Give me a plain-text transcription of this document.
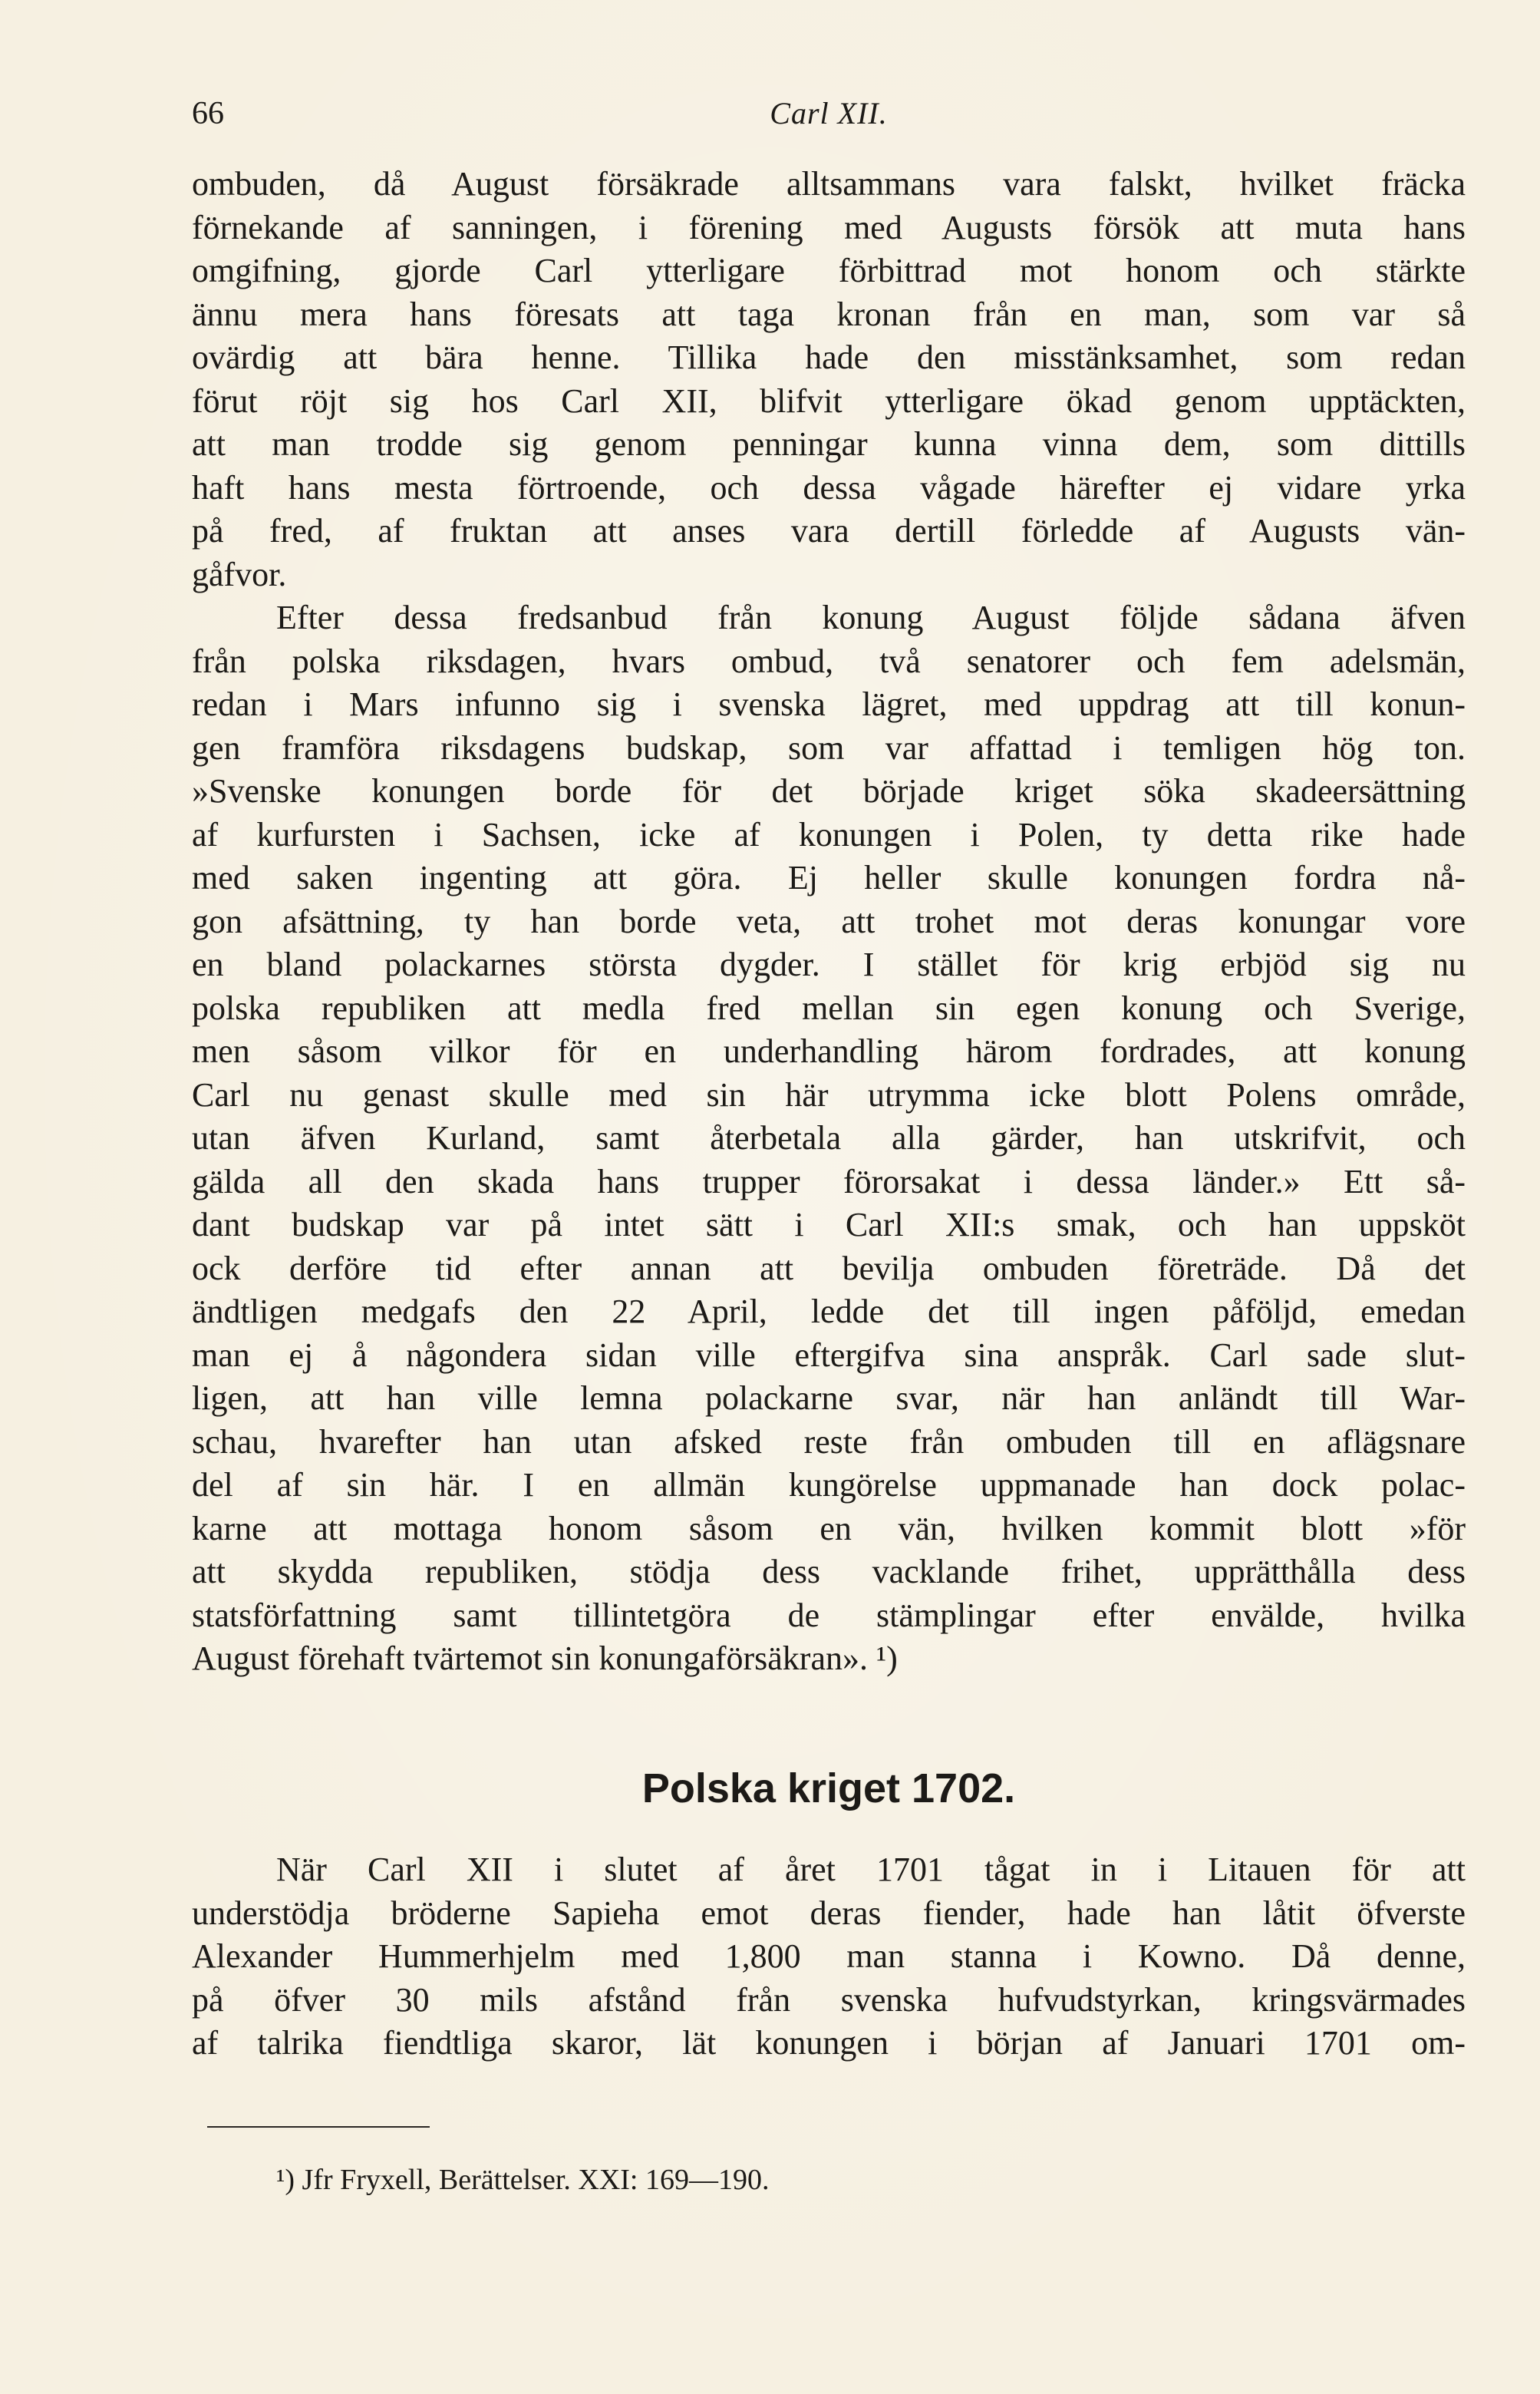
66	Carl XII.
ombuden, då August försäkrade alltsammans vara falskt, hvilket fräcka
förnekande af sanningen, i förening med Augusts försök att muta hans
omgifning, gjorde Carl ytterligare förbittrad mot honom och stärkte
ännu mera hans föresats att taga kronan från en man, som var så
ovärdig att bära henne. Tillika hade den misstänksamhet, som redan
förut röjt sig hos Carl XII, blifvit ytterligare ökad genom upptäckten,
att man trodde sig genom penningar kunna vinna dem, som dittills
haft hans mesta förtroende, och dessa vågade härefter ej vidare yrka
på fred, af fruktan att anses vara dertill förledde af Augusts vän-
gåfvor.
Efter dessa fredsanbud från konung August följde sådana äfven
från polska riksdagen, hvars ombud, två senatorer och fem adelsmän,
redan i Mars infunno sig i svenska lägret, med uppdrag att till konun-
gen framföra riksdagens budskap, som var affattad i temligen hög ton.
»Svenske konungen borde för det började kriget söka skadeersättning
af kurfursten i Sachsen, icke af konungen i Polen, ty detta rike hade
med saken ingenting att göra. Ej heller skulle konungen fordra nå-
gon afsättning, ty han borde veta, att trohet mot deras konungar vore
en bland polackarnes största dygder. I stället för krig erbjöd sig nu
polska republiken att medla fred mellan sin egen konung och Sverige,
men såsom vilkor för en underhandling härom fordrades, att konung
Carl nu genast skulle med sin här utrymma icke blott Polens område,
utan äfven Kurland, samt återbetala alla gärder, han utskrifvit, och
gälda all den skada hans trupper förorsakat i dessa länder.» Ett så-
dant budskap var på intet sätt i Carl XII:s smak, och han uppsköt
ock derföre tid efter annan att bevilja ombuden företräde. Då det
ändtligen medgafs den 22 April, ledde det till ingen påföljd, emedan
man ej å någondera sidan ville eftergifva sina anspråk. Carl sade slut-
ligen, att han ville lemna polackarne svar, när han anländt till War-
schau, hvarefter han utan afsked reste från ombuden till en aflägsnare
del af sin här. I en allmän kungörelse uppmanade han dock polac-
karne att mottaga honom såsom en vän, hvilken kommit blott »för
att skydda republiken, stödja dess vacklande frihet, upprätthålla dess
statsförfattning samt tillintetgöra de stämplingar efter envälde, hvilka
August förehaft tvärtemot sin konungaförsäkran». ¹)
Polska kriget 1702.
När Carl XII i slutet af året 1701 tågat in i Litauen för att
understödja bröderne Sapieha emot deras fiender, hade han låtit öfverste
Alexander Hummerhjelm med 1,800 man stanna i Kowno. Då denne,
på öfver 30 mils afstånd från svenska hufvudstyrkan, kringsvärmades
af talrika fiendtliga skaror, lät konungen i början af Januari 1701 om-
¹) Jfr Fryxell, Berättelser. XXI: 169—190.
